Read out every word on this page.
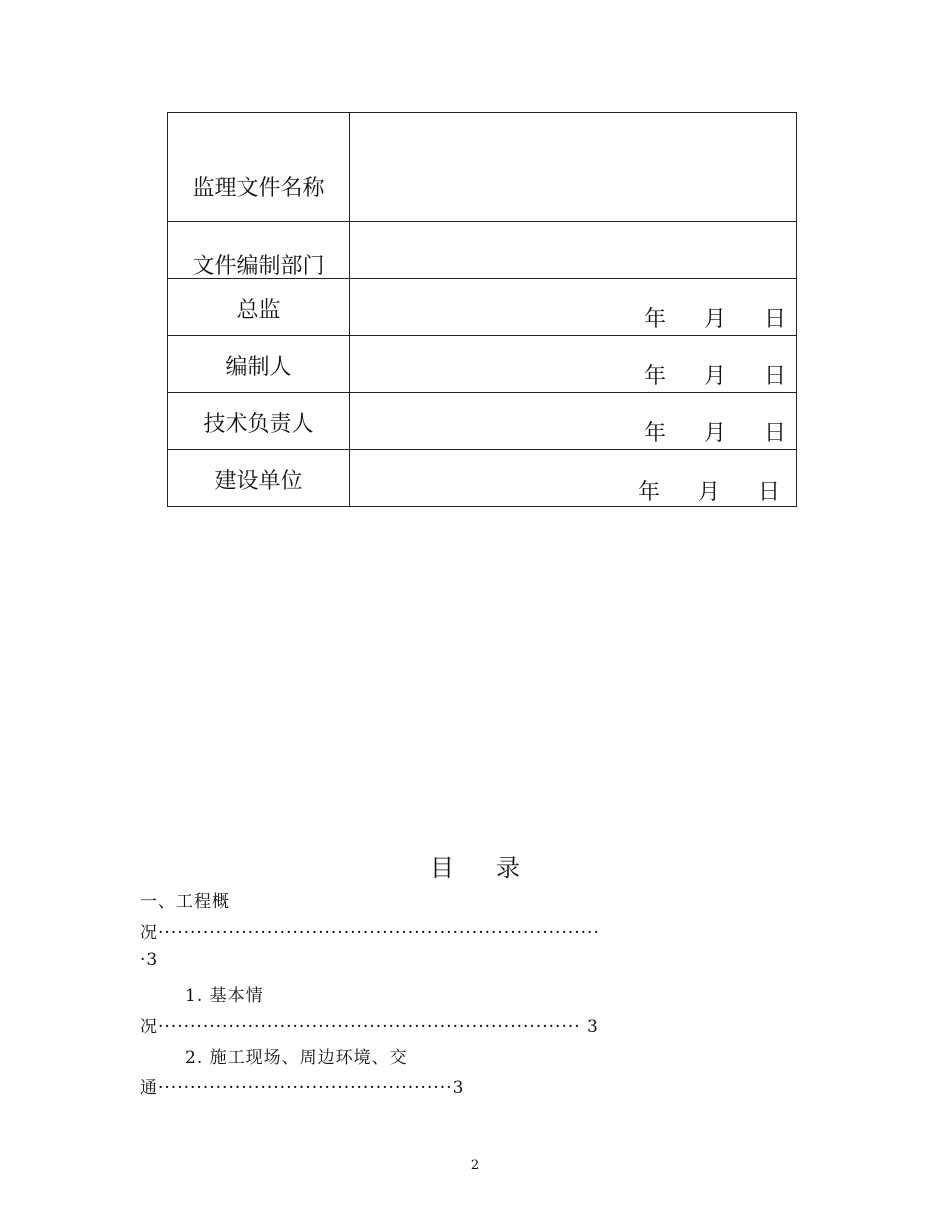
监理文件名称	

文件编制部门	

总监	年 月 日

编制人	年 月 日

技术负责人	年 月 日

建设单位	年 月 日
目 录
一、工程概
况·····································································
·3
1. 基本情
况·································································· 3
2. 施工现场、周边环境、交
通··············································3
2
